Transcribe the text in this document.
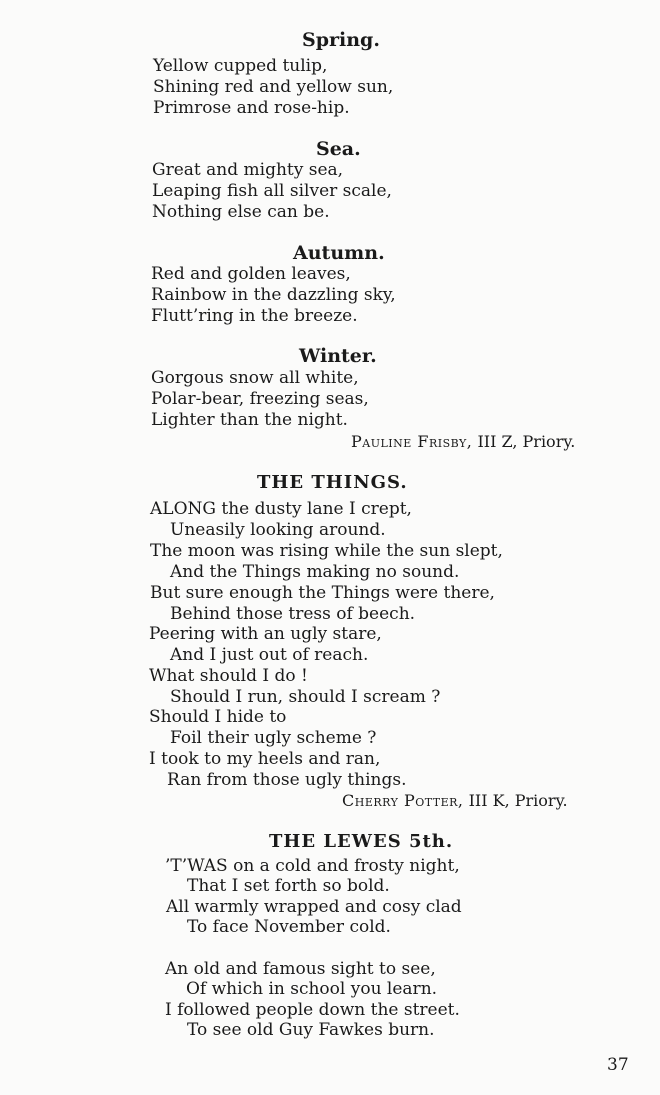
Spring.
Yellow cupped tulip,
Shining red and yellow sun,
Primrose and rose-hip.
Sea.
Great and mighty sea,
Leaping fish all silver scale,
Nothing else can be.
Autumn.
Red and golden leaves,
Rainbow in the dazzling sky,
Flutt’ring in the breeze.
Winter.
Gorgous snow all white,
Polar-bear, freezing seas,
Lighter than the night.
Pauline Frisby, III Z, Priory.
THE THINGS.
ALONG the dusty lane I crept,
Uneasily looking around.
The moon was rising while the sun slept,
And the Things making no sound.
But sure enough the Things were there,
Behind those tress of beech.
Peering with an ugly stare,
And I just out of reach.
What should I do !
Should I run, should I scream ?
Should I hide to
Foil their ugly scheme ?
I took to my heels and ran,
Ran from those ugly things.
Cherry Potter, III K, Priory.
THE LEWES 5th.
’T’WAS on a cold and frosty night,
That I set forth so bold.
All warmly wrapped and cosy clad
To face November cold.
An old and famous sight to see,
Of which in school you learn.
I followed people down the street.
To see old Guy Fawkes burn.
37
